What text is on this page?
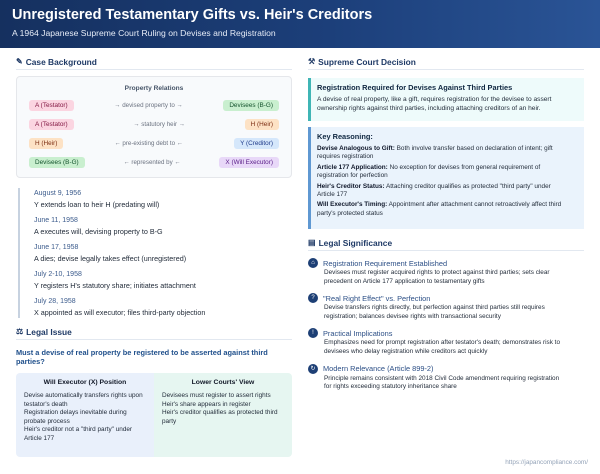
Unregistered Testamentary Gifts vs. Heir's Creditors

A 1964 Japanese Supreme Court Ruling on Devises and Registration

✎ Case Background
Property Relations
A (Testator)	→ devised property to →	Devisees (B-G)
A (Testator)	→ statutory heir →	H (Heir)
H (Heir)	← pre-existing debt to ←	Y (Creditor)
Devisees (B-G)	← represented by ←	X (Will Executor)
August 9, 1956
Y extends loan to heir H (predating will)
June 11, 1958
A executes will, devising property to B-G
June 17, 1958
A dies; devise legally takes effect (unregistered)
July 2-10, 1958
Y registers H's statutory share; initiates attachment
July 28, 1958
X appointed as will executor; files third-party objection
⚖ Legal Issue
Must a devise of real property be registered to be asserted against third parties?
Will Executor (X) Position
Devise automatically transfers rights upon
testator's death
Registration delays inevitable during
probate process
Heir's creditor not a "third party" under
Article 177
Lower Courts' View
Devisees must register to assert rights
Heir's share appears in register
Heir's creditor qualifies as protected third
party
⚒ Supreme Court Decision
Registration Required for Devises Against Third Parties
A devise of real property, like a gift, requires registration for the devisee to assert
ownership rights against third parties, including attaching creditors of an heir.
Key Reasoning:
Devise Analogous to Gift: Both involve transfer based on declaration of intent; gift
requires registration
Article 177 Application: No exception for devises from general requirement of
registration for perfection
Heir's Creditor Status: Attaching creditor qualifies as protected "third party" under
Article 177
Will Executor's Timing: Appointment after attachment cannot retroactively affect third
party's protected status
▤ Legal Significance
⌂	Registration Requirement Established
Devisees must register acquired rights to protect against third parties; sets clear
precedent on Article 177 application to testamentary gifts
?	"Real Right Effect" vs. Perfection
Devise transfers rights directly, but perfection against third parties still requires
registration; balances devisee rights with transactional security
!	Practical Implications
Emphasizes need for prompt registration after testator's death; demonstrates risk to
devisees who delay registration while creditors act quickly
↻	Modern Relevance (Article 899-2)
Principle remains consistent with 2018 Civil Code amendment requiring registration
for rights exceeding statutory inheritance share
https://japancompliance.com/
